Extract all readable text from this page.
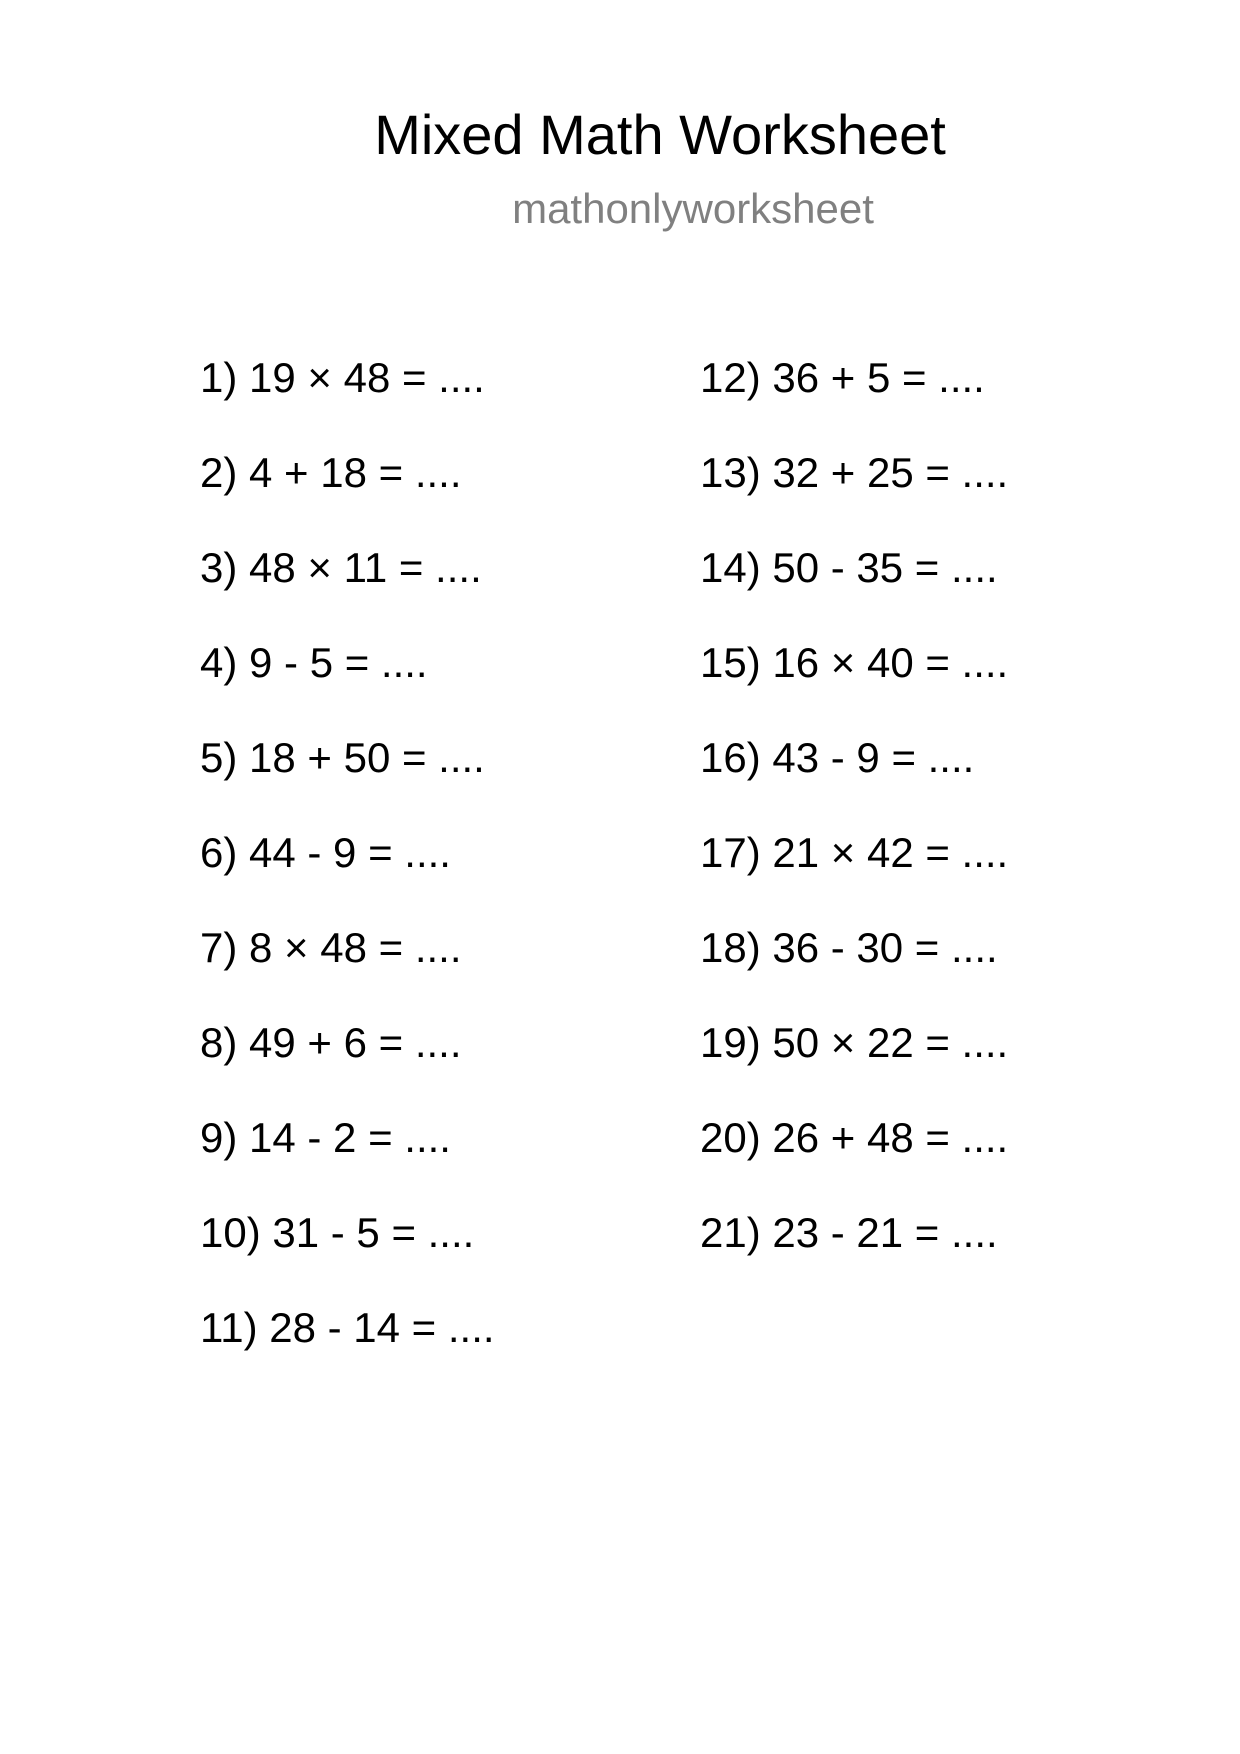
Mixed Math Worksheet
mathonlyworksheet
1) 19 × 48 = ....
2) 4 + 18 = ....
3) 48 × 11 = ....
4) 9 - 5 = ....
5) 18 + 50 = ....
6) 44 - 9 = ....
7) 8 × 48 = ....
8) 49 + 6 = ....
9) 14 - 2 = ....
10) 31 - 5 = ....
11) 28 - 14 = ....
12) 36 + 5 = ....
13) 32 + 25 = ....
14) 50 - 35 = ....
15) 16 × 40 = ....
16) 43 - 9 = ....
17) 21 × 42 = ....
18) 36 - 30 = ....
19) 50 × 22 = ....
20) 26 + 48 = ....
21) 23 - 21 = ....
